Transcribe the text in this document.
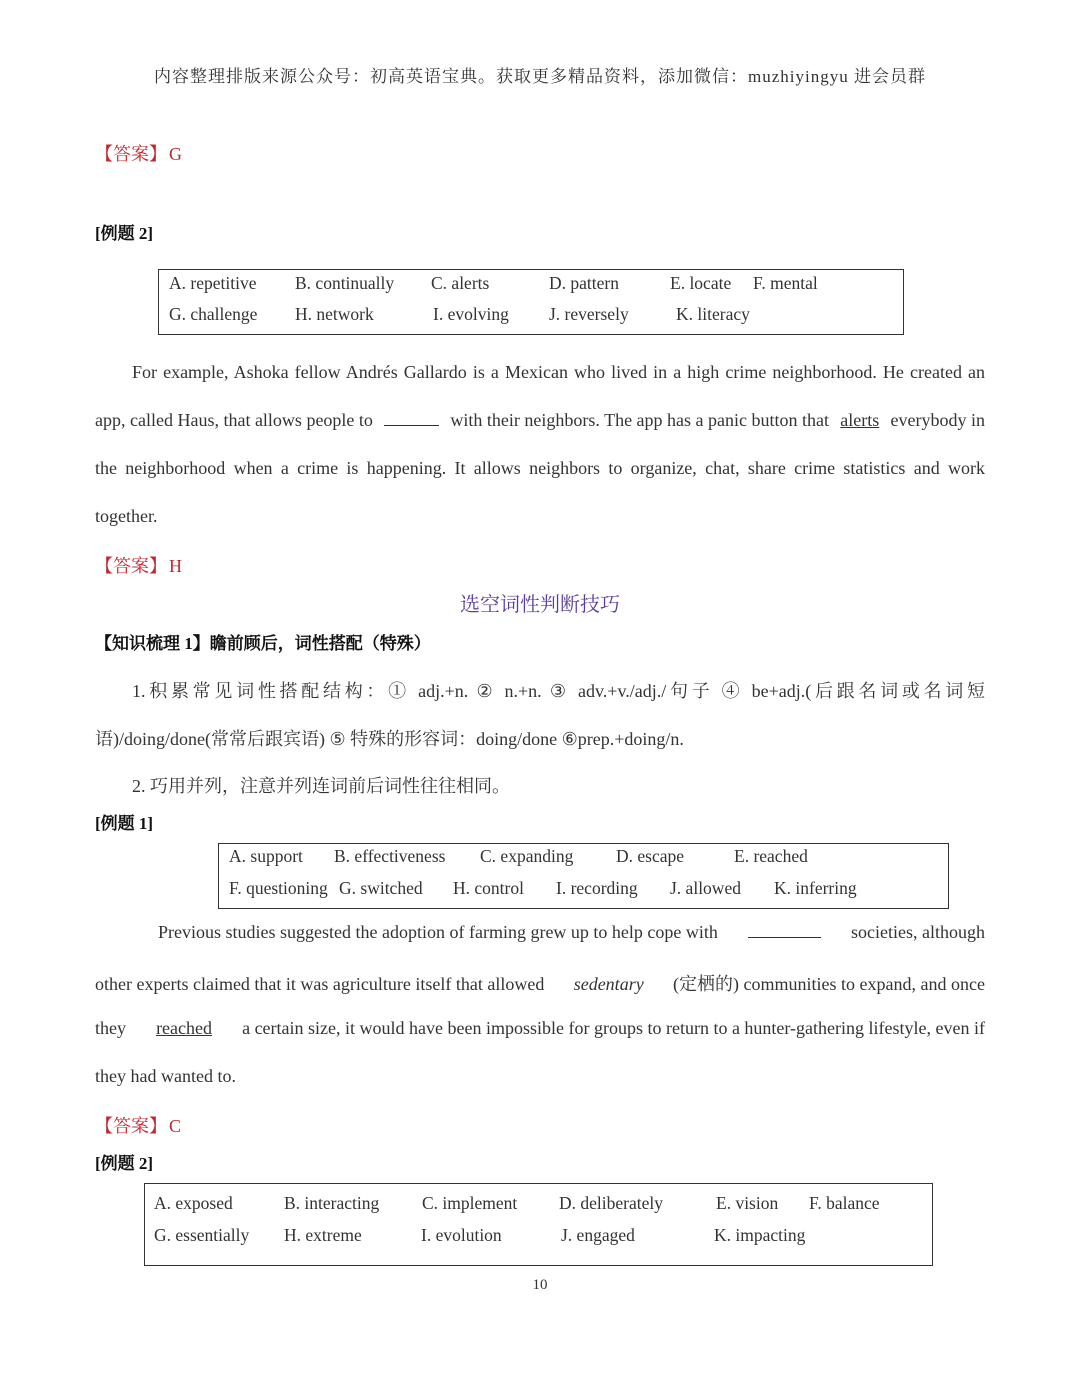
内容整理排版来源公众号：初高英语宝典。获取更多精品资料，添加微信：muzhiyingyu 进会员群
【答案】 G
[例题 2]
A. repetitive B. continually C. alerts	D. pattern	E. locate F. mental
G. challenge H. network	I. evolving J. reversely	K. literacy
For example, Ashoka fellow Andrés Gallardo is a Mexican who lived in a high crime neighborhood. He created an
app, called Haus, that allows people to	with their neighbors. The app has a panic button that alerts everybody in
the neighborhood when a crime is happening. It allows neighbors to organize, chat, share crime statistics and work
together.
【答案】 H
选空词性判断技巧
【知识梳理 1】瞻前顾后，词性搭配（特殊）
1.积累常见词性搭配结构：① adj.+n. ② n.+n. ③ adv.+v./adj./句子 ④ be+adj.(后跟名词或名词短
语)/doing/done(常常后跟宾语) ⑤ 特殊的形容词：doing/done ⑥prep.+doing/n.
2. 巧用并列，注意并列连词前后词性往往相同。
[例题 1]
A. support B. effectiveness C. expanding D. escape	E. reached
F. questioning G. switched H. control I. recording J. allowed K. inferring
Previous studies suggested the adoption of farming grew up to help cope with	societies, although
other experts claimed that it was agriculture itself that allowed sedentary (定栖的) communities to expand, and once
they reached a certain size, it would have been impossible for groups to return to a hunter-gathering lifestyle, even if
they had wanted to.
【答案】 C
[例题 2]
A. exposed	B. interacting C. implement D. deliberately	E. vision F. balance
G. essentially H. extreme	I. evolution	J. engaged	K. impacting
10
